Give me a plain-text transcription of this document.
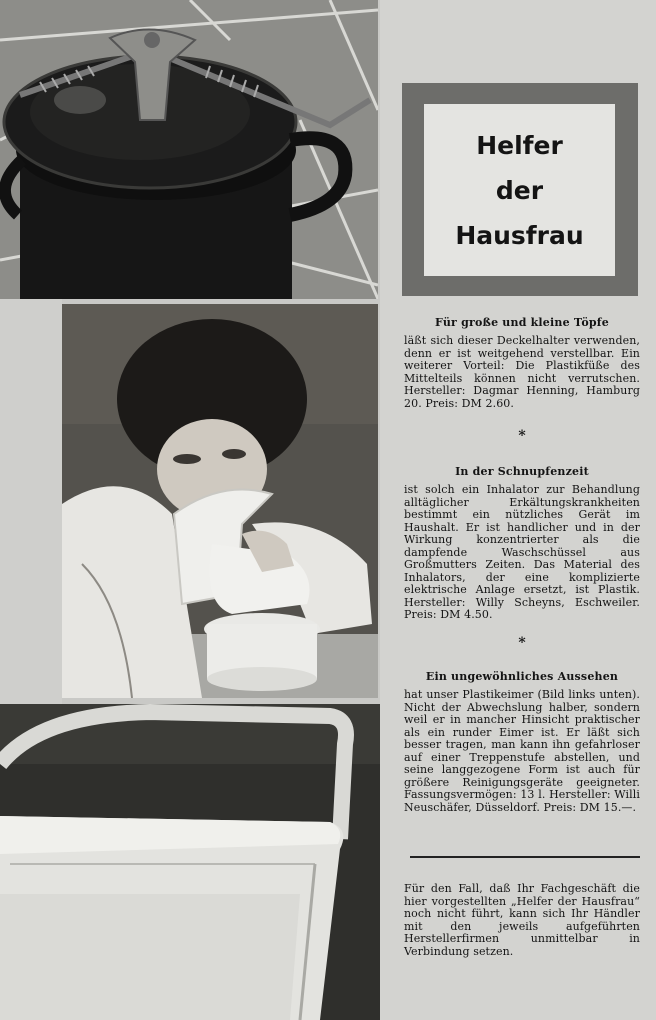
Helfer
der
Hausfrau
Für große und kleine Töpfe
läßt sich dieser Deckelhalter verwenden, denn er ist weitgehend verstellbar. Ein weiterer Vorteil: Die Plastikfüße des Mittelteils können nicht verrutschen. Hersteller: Dagmar Henning, Hamburg 20. Preis: DM 2.60.
*
In der Schnupfenzeit
ist solch ein Inhalator zur Behandlung alltäglicher Erkältungskrankheiten bestimmt ein nützliches Gerät im Haushalt. Er ist handlicher und in der Wirkung konzentrierter als die dampfende Waschschüssel aus Großmutters Zeiten. Das Material des Inhalators, der eine komplizierte elektrische Anlage ersetzt, ist Plastik. Hersteller: Willy Scheyns, Eschweiler. Preis: DM 4.50.
*
Ein ungewöhnliches Aussehen
hat unser Plastikeimer (Bild links unten). Nicht der Abwechslung halber, sondern weil er in mancher Hinsicht praktischer als ein runder Eimer ist. Er läßt sich besser tragen, man kann ihn gefahrloser auf einer Treppenstufe abstellen, und seine langgezogene Form ist auch für größere Reinigungsgeräte geeigneter. Fassungsvermögen: 13 l. Hersteller: Willi Neuschäfer, Düsseldorf. Preis: DM 15.—.
Für den Fall, daß Ihr Fachgeschäft die hier vorgestellten „Helfer der Hausfrau“ noch nicht führt, kann sich Ihr Händler mit den jeweils aufgeführten Herstellerfirmen unmittelbar in Verbindung setzen.
